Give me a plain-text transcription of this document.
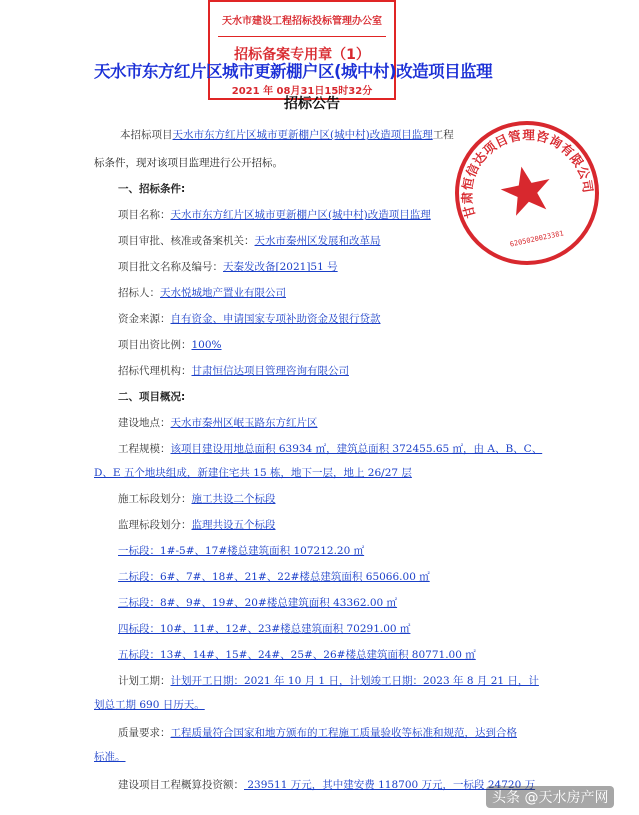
天水市建设工程招标投标管理办公室
招标备案专用章（1）
2021 年 08月31日15时32分
天水市东方红片区城市更新棚户区(城中村)改造项目监理
招标公告
本招标项目天水市东方红片区城市更新棚户区(城中村)改造项目监理工程
标条件，现对该项目监理进行公开招标。
一、招标条件:
项目名称：天水市东方红片区城市更新棚户区(城中村)改造项目监理
项目审批、核准或备案机关：天水市秦州区发展和改革局
项目批文名称及编号：天秦发改备[2021]51 号
招标人：天水悦城地产置业有限公司
资金来源：自有资金、申请国家专项补助资金及银行贷款
项目出资比例：100%
招标代理机构：甘肃恒信达项目管理咨询有限公司
二、项目概况:
建设地点：天水市秦州区岷玉路东方红片区
工程规模：该项目建设用地总面积 63934 ㎡，建筑总面积 372455.65 ㎡，由 A、B、C、
D、E 五个地块组成，新建住宅共 15 栋，地下一层，地上 26/27 层
施工标段划分：施工共设二个标段
监理标段划分：监理共设五个标段
一标段：1#-5#、17#楼总建筑面积 107212.20 ㎡
二标段：6#、7#、18#、21#、22#楼总建筑面积 65066.00 ㎡
三标段：8#、9#、19#、20#楼总建筑面积 43362.00 ㎡
四标段：10#、11#、12#、23#楼总建筑面积 70291.00 ㎡
五标段：13#、14#、15#、24#、25#、26#楼总建筑面积 80771.00 ㎡
计划工期：计划开工日期：2021 年 10 月 1 日，计划竣工日期：2023 年 8 月 21 日，计
划总工期 690 日历天。
质量要求：工程质量符合国家和地方颁布的工程施工质量验收等标准和规范，达到合格
标准。
建设项目工程概算投资额： 239511 万元，其中建安费 118700 万元，一标段 24720 万
甘肃恒信达项目管理咨询有限公司
6205020023381
头条 @天水房产网
